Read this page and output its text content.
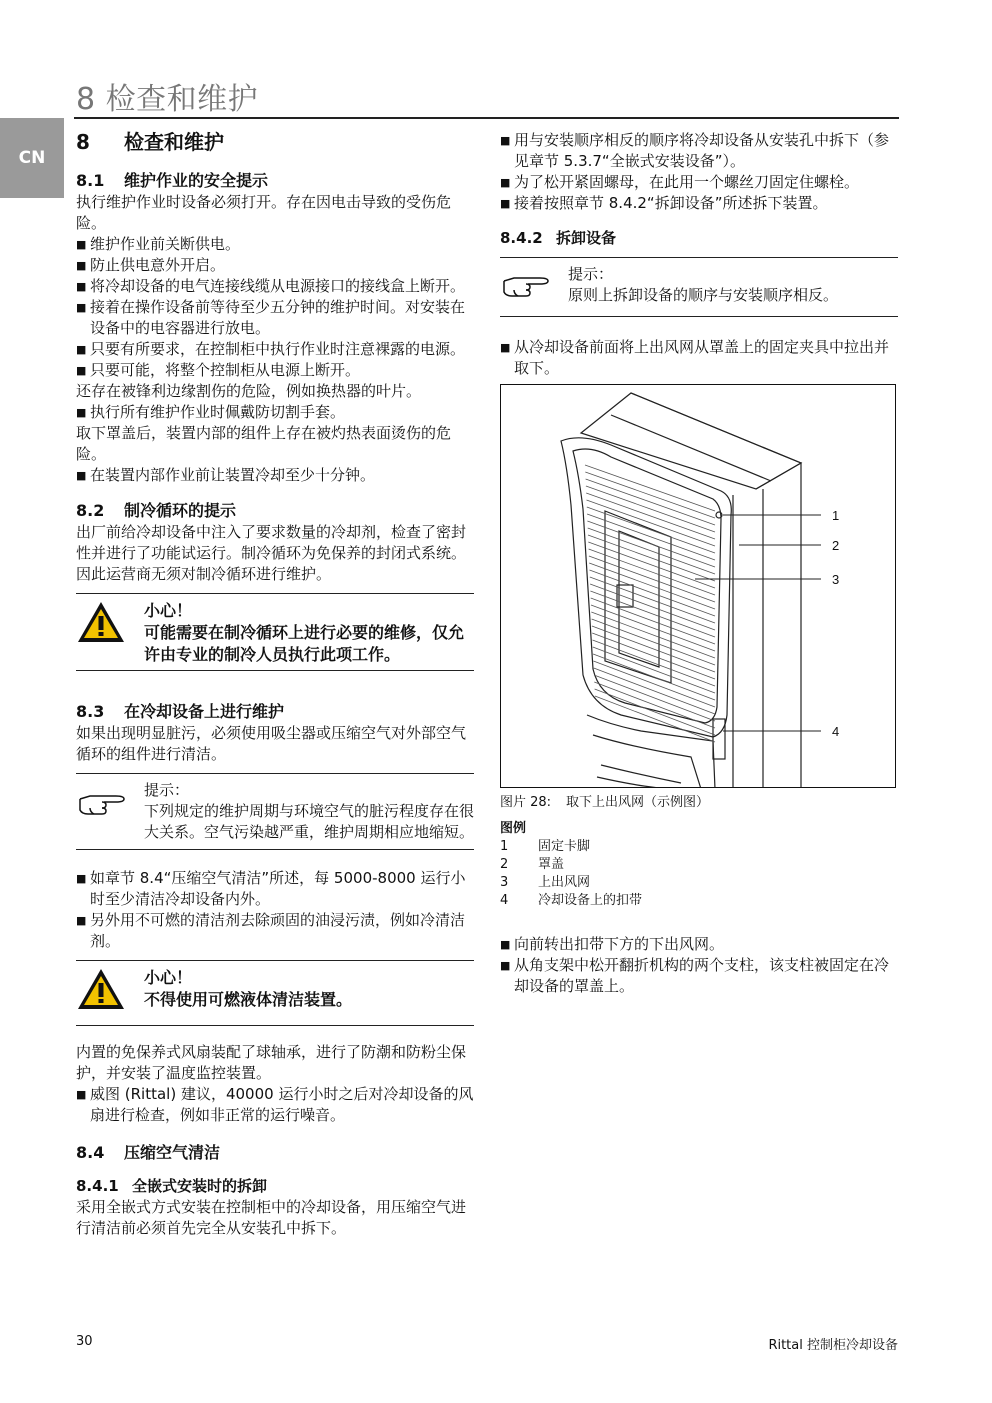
8 检查和维护
CN
8 检查和维护
8.1 维护作业的安全提示

执行维护作业时设备必须打开。存在因电击导致的受伤危险。

■ 维护作业前关断供电。

■ 防止供电意外开启。

■ 将冷却设备的电气连接线缆从电源接口的接线盒上断开。

■ 接着在操作设备前等待至少五分钟的维护时间。对安装在设备中的电容器进行放电。

■ 只要有所要求，在控制柜中执行作业时注意裸露的电源。

■ 只要可能，将整个控制柜从电源上断开。

还存在被锋利边缘割伤的危险，例如换热器的叶片。

■ 执行所有维护作业时佩戴防切割手套。

取下罩盖后，装置内部的组件上存在被灼热表面烫伤的危险。

■ 在装置内部作业前让装置冷却至少十分钟。

8.2 制冷循环的提示

出厂前给冷却设备中注入了要求数量的冷却剂，检查了密封性并进行了功能试运行。制冷循环为免保养的封闭式系统。因此运营商无须对制冷循环进行维护。

小心！

可能需要在制冷循环上进行必要的维修，仅允许由专业的制冷人员执行此项工作。

8.3 在冷却设备上进行维护

如果出现明显脏污，必须使用吸尘器或压缩空气对外部空气循环的组件进行清洁。

提示：

下列规定的维护周期与环境空气的脏污程度存在很大关系。空气污染越严重，维护周期相应地缩短。

■ 如章节 8.4“压缩空气清洁”所述，每 5000-8000 运行小时至少清洁冷却设备内外。

■ 另外用不可燃的清洁剂去除顽固的油浸污渍，例如冷清洁剂。

小心！

不得使用可燃液体清洁装置。

内置的免保养式风扇装配了球轴承，进行了防潮和防粉尘保护，并安装了温度监控装置。

■ 威图 (Rittal) 建议，40000 运行小时之后对冷却设备的风扇进行检查，例如非正常的运行噪音。

8.4 压缩空气清洁
8.4.1 全嵌式安装时的拆卸

采用全嵌式方式安装在控制柜中的冷却设备，用压缩空气进行清洁前必须首先完全从安装孔中拆下。

■ 用与安装顺序相反的顺序将冷却设备从安装孔中拆下（参见章节 5.3.7“全嵌式安装设备”）。

■ 为了松开紧固螺母，在此用一个螺丝刀固定住螺栓。

■ 接着按照章节 8.4.2“拆卸设备”所述拆下装置。

8.4.2 拆卸设备

提示：

原则上拆卸设备的顺序与安装顺序相反。

■ 从冷却设备前面将上出风网从罩盖上的固定夹具中拉出并取下。

1
2
3
4
图片 28:	取下上出风网（示例图）
图例
1	固定卡脚
2	罩盖
3	上出风网
4	冷却设备上的扣带

■ 向前转出扣带下方的下出风网。

■ 从角支架中松开翻折机构的两个支柱，该支柱被固定在冷却设备的罩盖上。

30	Rittal 控制柜冷却设备
